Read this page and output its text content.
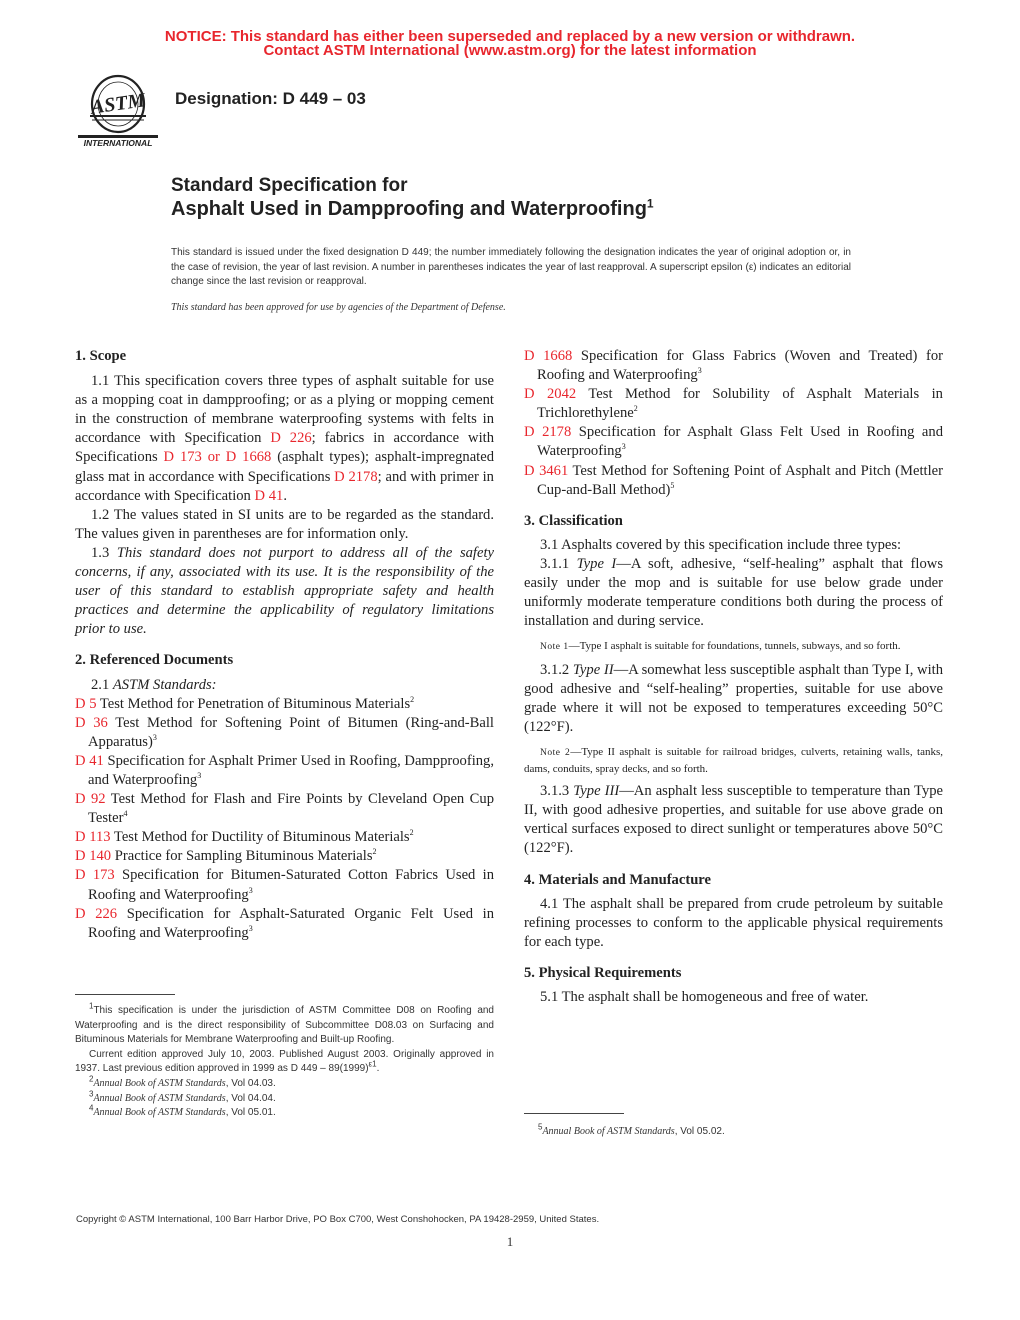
NOTICE: This standard has either been superseded and replaced by a new version or withdrawn.
Contact ASTM International (www.astm.org) for the latest information
ASTM
INTERNATIONAL
Designation: D 449 – 03
Standard Specification for
Asphalt Used in Dampproofing and Waterproofing$^1$
This standard is issued under the fixed designation D 449; the number immediately following the designation indicates the year of original adoption or, in the case of revision, the year of last revision. A number in parentheses indicates the year of last reapproval. A superscript epsilon (ε) indicates an editorial change since the last revision or reapproval.
This standard has been approved for use by agencies of the Department of Defense.
1. Scope

1.1 This specification covers three types of asphalt suitable for use as a mopping coat in dampproofing; or as a plying or mopping cement in the construction of membrane waterproofing systems with felts in accordance with Specification D 226; fabrics in accordance with Specifications D 173 or D 1668 (asphalt types); asphalt-impregnated glass mat in accordance with Specifications D 2178; and with primer in accordance with Specification D 41.

1.2 The values stated in SI units are to be regarded as the standard. The values given in parentheses are for information only.

1.3 This standard does not purport to address all of the safety concerns, if any, associated with its use. It is the responsibility of the user of this standard to establish appropriate safety and health practices and determine the applicability of regulatory limitations prior to use.

2. Referenced Documents

2.1 ASTM Standards:

D 5 Test Method for Penetration of Bituminous Materials$^2$

D 36 Test Method for Softening Point of Bitumen (Ring-and-Ball Apparatus)$^3$

D 41 Specification for Asphalt Primer Used in Roofing, Dampproofing, and Waterproofing$^3$

D 92 Test Method for Flash and Fire Points by Cleveland Open Cup Tester$^4$

D 113 Test Method for Ductility of Bituminous Materials$^2$

D 140 Practice for Sampling Bituminous Materials$^2$

D 173 Specification for Bitumen-Saturated Cotton Fabrics Used in Roofing and Waterproofing$^3$

D 226 Specification for Asphalt-Saturated Organic Felt Used in Roofing and Waterproofing$^3$

$^1$This specification is under the jurisdiction of ASTM Committee D08 on Roofing and Waterproofing and is the direct responsibility of Subcommittee D08.03 on Surfacing and Bituminous Materials for Membrane Waterproofing and Built-up Roofing.

Current edition approved July 10, 2003. Published August 2003. Originally approved in 1937. Last previous edition approved in 1999 as D $449 - 89(1999)^{\varepsilon 1}$.

$^2$Annual Book of ASTM Standards, Vol 04.03.

$^3$Annual Book of ASTM Standards, Vol 04.04.

$^4$Annual Book of ASTM Standards, Vol 05.01.

D 1668 Specification for Glass Fabrics (Woven and Treated) for Roofing and Waterproofing$^3$

D 2042 Test Method for Solubility of Asphalt Materials in Trichlorethylene$^2$

D 2178 Specification for Asphalt Glass Felt Used in Roofing and Waterproofing$^3$

D 3461 Test Method for Softening Point of Asphalt and Pitch (Mettler Cup-and-Ball Method)$^5$

3. Classification

3.1 Asphalts covered by this specification include three types:

3.1.1 Type I—A soft, adhesive, “self-healing” asphalt that flows easily under the mop and is suitable for use below grade under uniformly moderate temperature conditions both during the process of installation and during service.

Note 1—Type I asphalt is suitable for foundations, tunnels, subways, and so forth.

3.1.2 Type II—A somewhat less susceptible asphalt than Type I, with good adhesive and “self-healing” properties, suitable for use above grade where it will not be exposed to temperatures exceeding 50°C (122°F).

Note 2—Type II asphalt is suitable for railroad bridges, culverts, retaining walls, tanks, dams, conduits, spray decks, and so forth.

3.1.3 Type III—An asphalt less susceptible to temperature than Type II, with good adhesive properties, and suitable for use above grade on vertical surfaces exposed to direct sunlight or temperatures above 50°C (122°F).

4. Materials and Manufacture

4.1 The asphalt shall be prepared from crude petroleum by suitable refining processes to conform to the applicable physical requirements for each type.

5. Physical Requirements

5.1 The asphalt shall be homogeneous and free of water.

$^5$Annual Book of ASTM Standards, Vol 05.02.

Copyright © ASTM International, 100 Barr Harbor Drive, PO Box C700, West Conshohocken, PA 19428-2959, United States.
1
